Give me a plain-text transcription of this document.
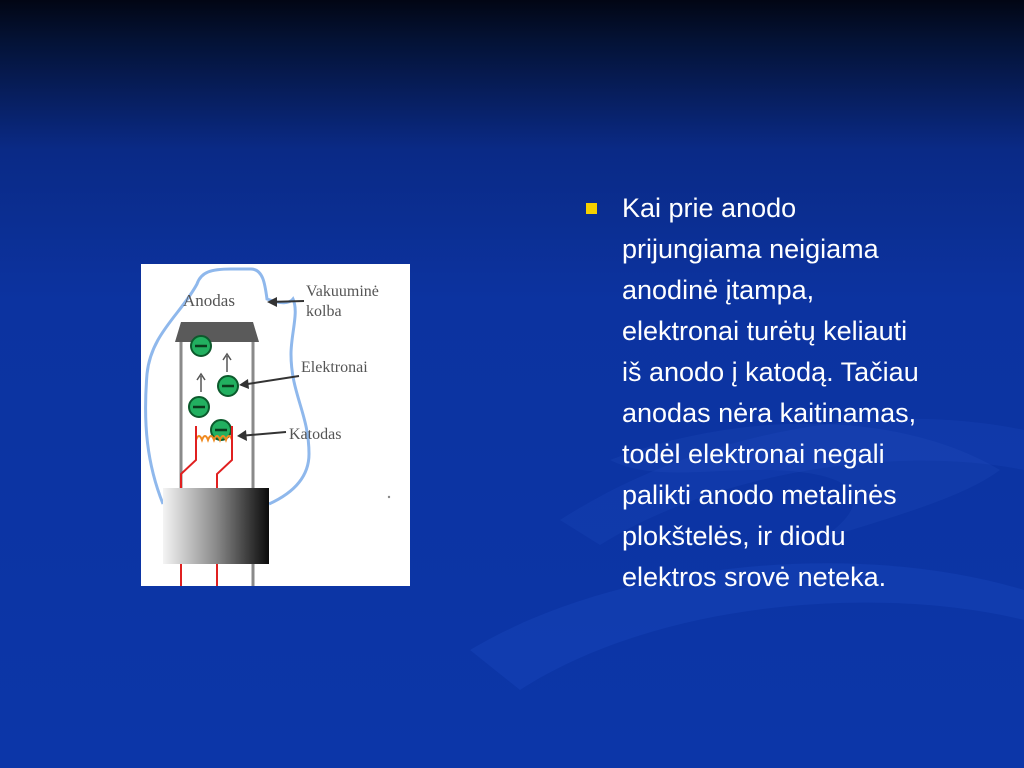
Anodas	Vakuuminė kolba
Elektronai
Katodas
Kai prie anodo
prijungiama neigiama
anodinė įtampa,
elektronai turėtų keliauti
iš anodo į katodą. Tačiau
anodas nėra kaitinamas,
todėl elektronai negali
palikti anodo metalinės
plokštelės, ir diodu
elektros srovė neteka.
